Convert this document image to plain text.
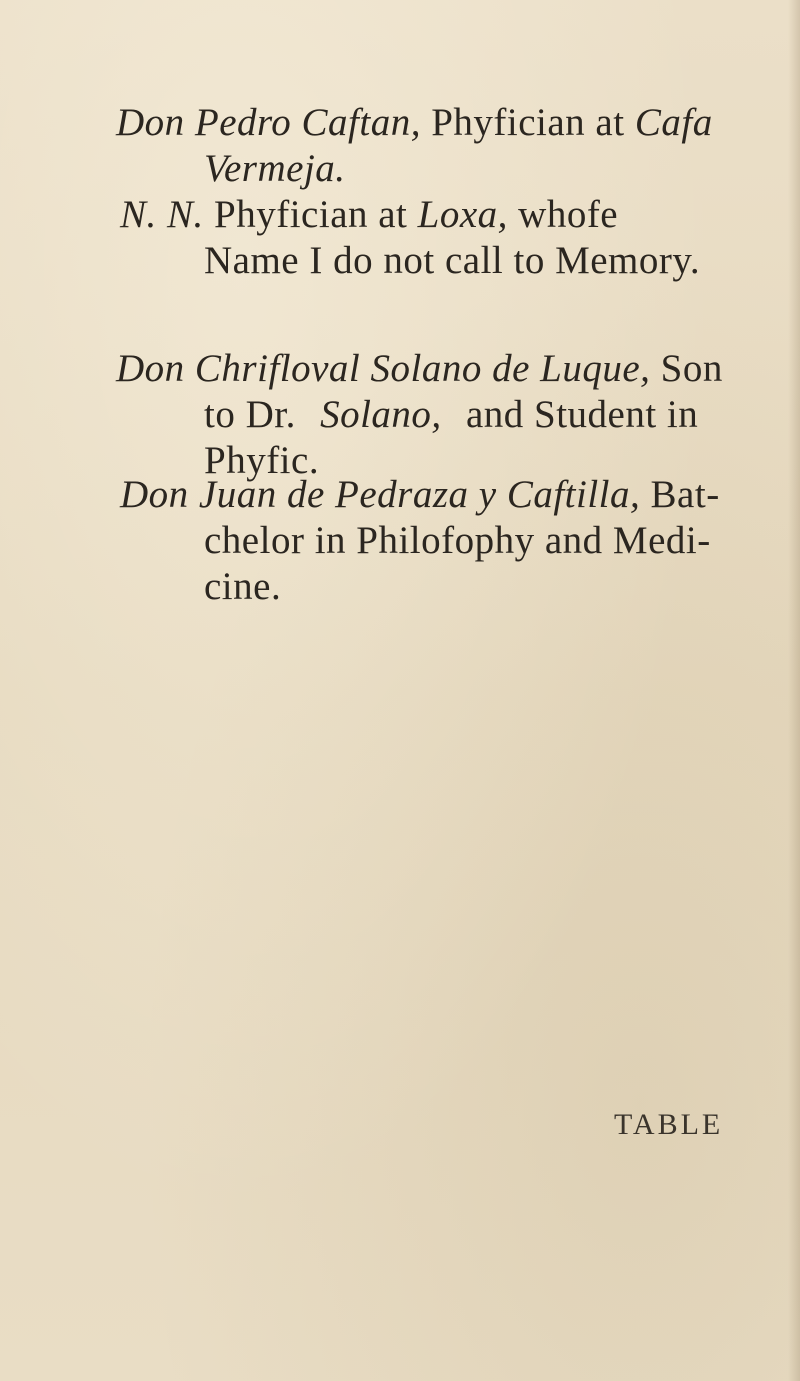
Don Pedro Caftan, Phyfician at Cafa
Vermeja.
N. N. Phyfician at Loxa, whofe
Name I do not call to Memory.
Don Chrifloval Solano de Luque, Son
to Dr. Solano, and Student in
Phyfic.
Don Juan de Pedraza y Caftilla, Bat-
chelor in Philofophy and Medi-
cine.
TABLE
